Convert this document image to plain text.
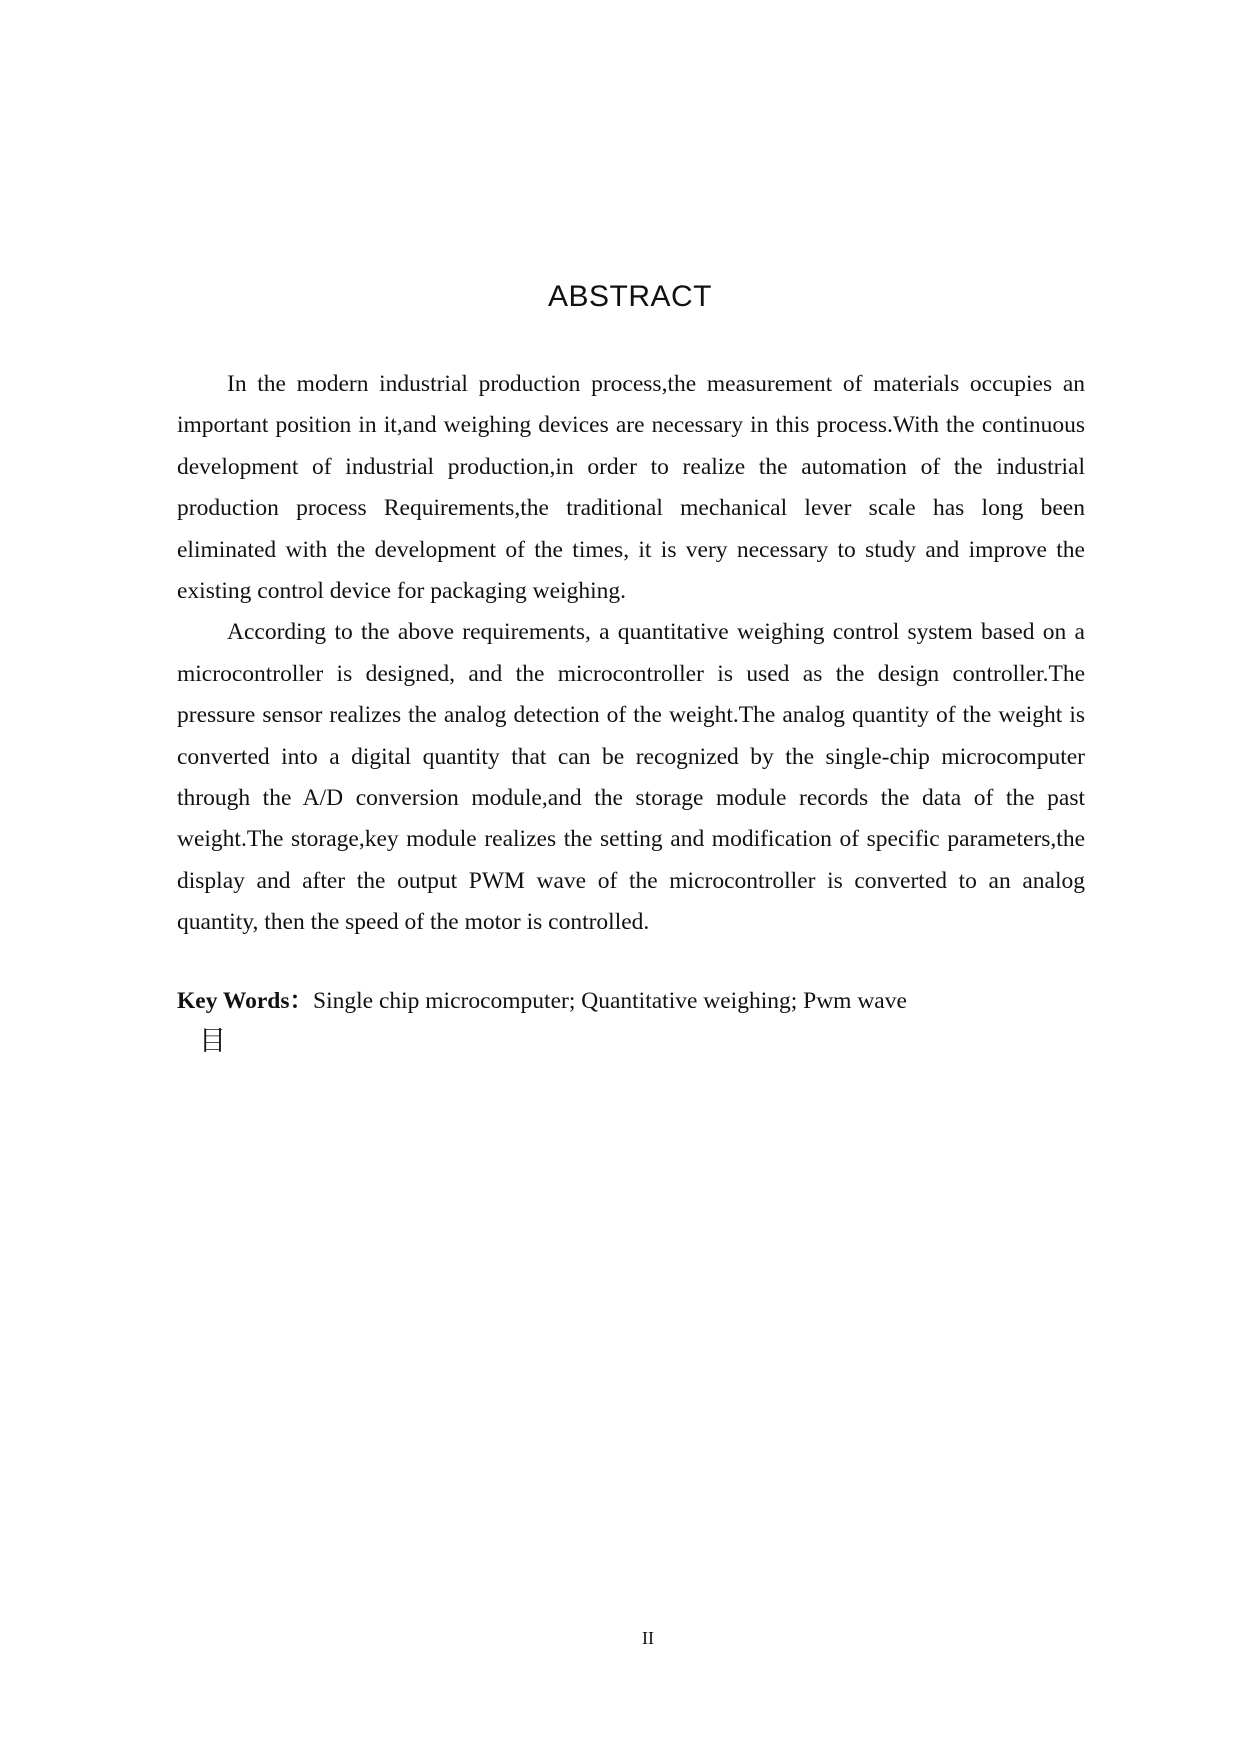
ABSTRACT

In the modern industrial production process,the measurement of materials occupies an important position in it,and weighing devices are necessary in this process.With the continuous development of industrial production,in order to realize the automation of the industrial production process Requirements,the traditional mechanical lever scale has long been eliminated with the development of the times, it is very necessary to study and improve the existing control device for packaging weighing.

According to the above requirements, a quantitative weighing control system based on a microcontroller is designed, and the microcontroller is used as the design controller.The pressure sensor realizes the analog detection of the weight.The analog quantity of the weight is converted into a digital quantity that can be recognized by the single-chip microcomputer through the A/D conversion module,and the storage module records the data of the past weight.The storage,key module realizes the setting and modification of specific parameters,the display and after the output PWM wave of the microcontroller is converted to an analog quantity, then the speed of the motor is controlled.

Key Words：Single chip microcomputer; Quantitative weighing; Pwm wave
目
II
